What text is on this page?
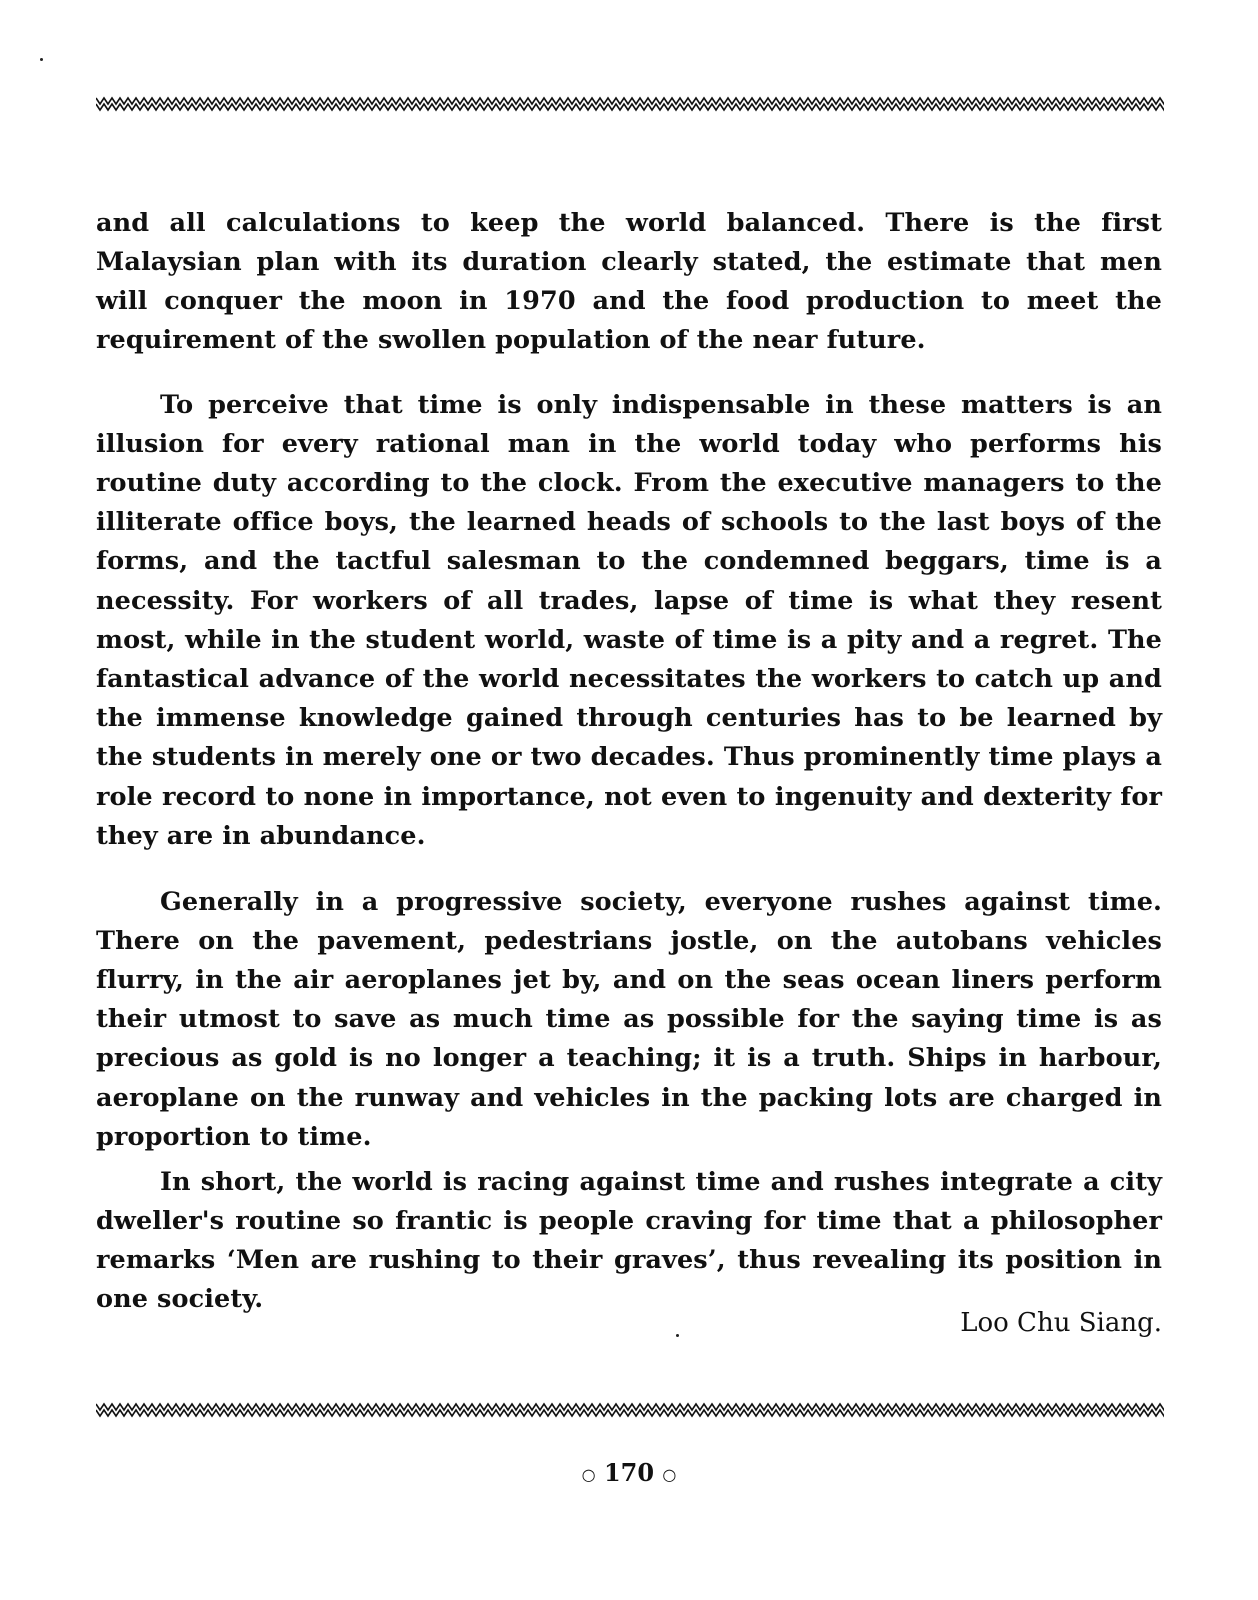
and all calculations to keep the world balanced. There is the first Malaysian plan with its duration clearly stated, the estimate that men will conquer the moon in 1970 and the food production to meet the requirement of the swollen population of the near future.

To perceive that time is only indispensable in these matters is an illusion for every rational man in the world today who performs his routine duty according to the clock. From the executive managers to the illiterate office boys, the learned heads of schools to the last boys of the forms, and the tactful salesman to the condemned beggars, time is a necessity. For workers of all trades, lapse of time is what they resent most, while in the student world, waste of time is a pity and a regret. The fantastical advance of the world necessitates the workers to catch up and the immense knowledge gained through centuries has to be learned by the students in merely one or two decades. Thus prominently time plays a role record to none in importance, not even to ingenuity and dexterity for they are in abundance.

Generally in a progressive society, everyone rushes against time. There on the pavement, pedestrians jostle, on the autobans vehicles flurry, in the air aeroplanes jet by, and on the seas ocean liners perform their utmost to save as much time as possible for the saying time is as precious as gold is no longer a teaching; it is a truth. Ships in harbour, aeroplane on the runway and vehicles in the packing lots are charged in proportion to time.

In short, the world is racing against time and rushes integrate a city dweller's routine so frantic is people craving for time that a philosopher remarks ‘Men are rushing to their graves’, thus revealing its position in one society.

Loo Chu Siang.
○ 170 ○
